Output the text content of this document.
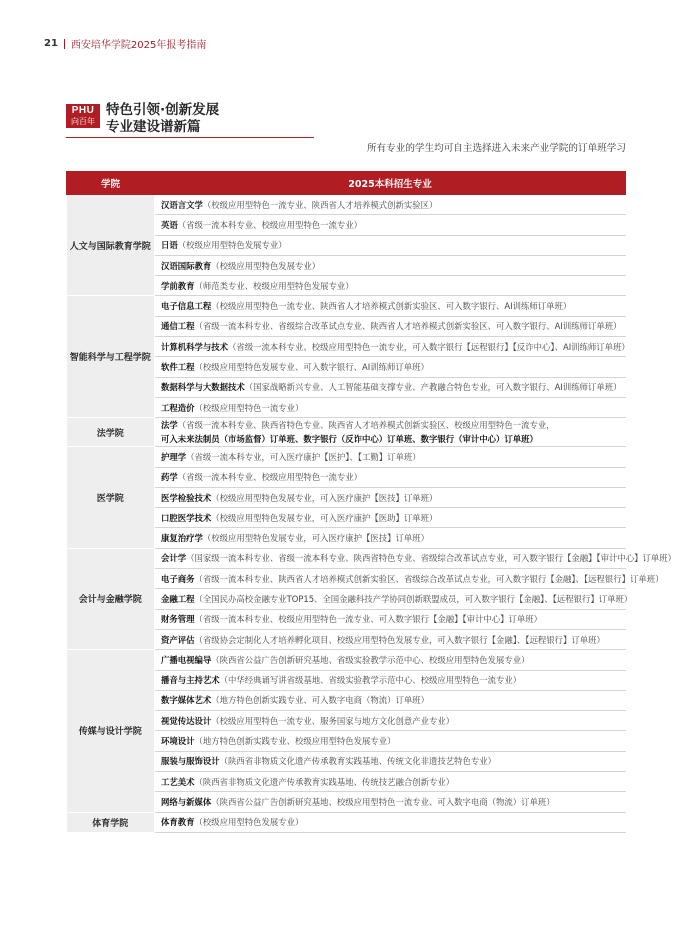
21 西安培华学院2025年报考指南
PHU
向百年
特色引领·创新发展
专业建设谱新篇
所有专业的学生均可自主选择进入未来产业学院的订单班学习
学院	2025本科招生专业
人文与国际教育学院	汉语言文学（校级应用型特色一流专业、陕西省人才培养模式创新实验区）
	英语（省级一流本科专业、校级应用型特色一流专业）
	日语（校级应用型特色发展专业）
	汉语国际教育（校级应用型特色发展专业）
	学前教育（师范类专业、校级应用型特色发展专业）
智能科学与工程学院	电子信息工程（校级应用型特色一流专业、陕西省人才培养模式创新实验区、可入数字银行、AI训练师订单班）
	通信工程（省级一流本科专业、省级综合改革试点专业、陕西省人才培养模式创新实验区、可入数字银行、AI训练师订单班）
	计算机科学与技术（省级一流本科专业、校级应用型特色一流专业，可入数字银行【远程银行】【反诈中心】、AI训练师订单班）
	软件工程（校级应用型特色发展专业、可入数字银行、AI训练师订单班）
	数据科学与大数据技术（国家战略新兴专业、人工智能基础支撑专业、产教融合特色专业，可入数字银行、AI训练师订单班）
	工程造价（校级应用型特色一流专业）
法学院	法学（省级一流本科专业、陕西省特色专业、陕西省人才培养模式创新实验区、校级应用型特色一流专业，
可入未来法制员（市场监督）订单班、数字银行（反诈中心）订单班、数字银行（审计中心）订单班）
医学院	护理学（省级一流本科专业，可入医疗康护【医护】、【工勤】订单班）
	药学（省级一流本科专业、校级应用型特色一流专业）
	医学检验技术（校级应用型特色发展专业，可入医疗康护【医技】订单班）
	口腔医学技术（校级应用型特色发展专业，可入医疗康护【医助】订单班）
	康复治疗学（校级应用型特色发展专业，可入医疗康护【医技】订单班）
会计与金融学院	会计学（国家级一流本科专业、省级一流本科专业、陕西省特色专业、省级综合改革试点专业，可入数字银行【金融】【审计中心】订单班）
	电子商务（省级一流本科专业、陕西省人才培养模式创新实验区、省级综合改革试点专业，可入数字银行【金融】、【远程银行】订单班）
	金融工程（全国民办高校金融专业TOP15、全国金融科技产学协同创新联盟成员，可入数字银行【金融】、【远程银行】订单班）
	财务管理（省级一流本科专业、校级应用型特色一流专业、可入数字银行【金融】【审计中心】订单班）
	资产评估（省级协会定制化人才培养孵化项目、校级应用型特色发展专业，可入数字银行【金融】、【远程银行】订单班）
传媒与设计学院	广播电视编导（陕西省公益广告创新研究基地、省级实验教学示范中心、校级应用型特色发展专业）
	播音与主持艺术（中华经典诵写讲省级基地、省级实验教学示范中心、校级应用型特色一流专业）
	数字媒体艺术（地方特色创新实践专业、可入数字电商（物流）订单班）
	视觉传达设计（校级应用型特色一流专业、服务国家与地方文化创意产业专业）
	环境设计（地方特色创新实践专业、校级应用型特色发展专业）
	服装与服饰设计（陕西省非物质文化遗产传承教育实践基地、传统文化非遗技艺特色专业）
	工艺美术（陕西省非物质文化遗产传承教育实践基地、传统技艺融合创新专业）
	网络与新媒体（陕西省公益广告创新研究基地、校级应用型特色一流专业、可入数字电商（物流）订单班）
体育学院	体育教育（校级应用型特色发展专业）
